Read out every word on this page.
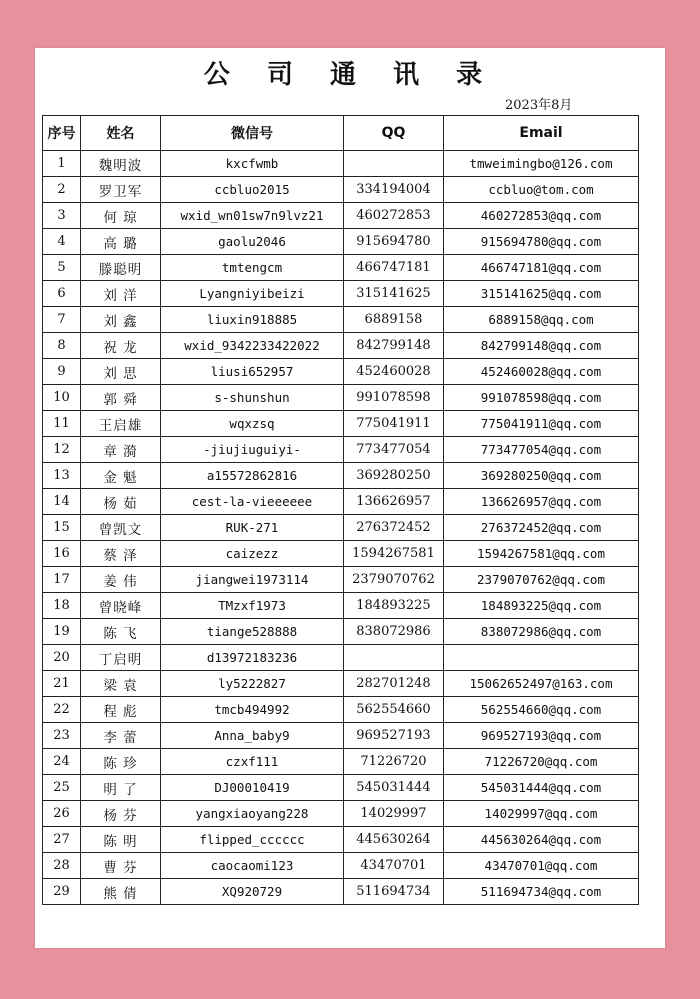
公 司 通 讯 录
2023年8月
序号	姓名	微信号	QQ	Email
1	魏明波	kxcfwmb		tmweimingbo@126.com
2	罗卫军	ccbluo2015	334194004	ccbluo@tom.com
3	何 琼	wxid_wn01sw7n9lvz21	460272853	460272853@qq.com
4	高 璐	gaolu2046	915694780	915694780@qq.com
5	滕聪明	tmtengcm	466747181	466747181@qq.com
6	刘 洋	Lyangniyibeizi	315141625	315141625@qq.com
7	刘 鑫	liuxin918885	6889158	6889158@qq.com
8	祝 龙	wxid_9342233422022	842799148	842799148@qq.com
9	刘 思	liusi652957	452460028	452460028@qq.com
10	郭 舜	s-shunshun	991078598	991078598@qq.com
11	王启雄	wqxzsq	775041911	775041911@qq.com
12	章 漪	-jiujiuguiyi-	773477054	773477054@qq.com
13	金 魁	a15572862816	369280250	369280250@qq.com
14	杨 茹	cest-la-vieeeeee	136626957	136626957@qq.com
15	曾凯文	RUK-271	276372452	276372452@qq.com
16	蔡 泽	caizezz	1594267581	1594267581@qq.com
17	姜 伟	jiangwei1973114	2379070762	2379070762@qq.com
18	曾晓峰	TMzxf1973	184893225	184893225@qq.com
19	陈 飞	tiange528888	838072986	838072986@qq.com
20	丁启明	d13972183236		
21	梁 袁	ly5222827	282701248	15062652497@163.com
22	程 彪	tmcb494992	562554660	562554660@qq.com
23	李 蕾	Anna_baby9	969527193	969527193@qq.com
24	陈 珍	czxf111	71226720	71226720@qq.com
25	明 了	DJ00010419	545031444	545031444@qq.com
26	杨 芬	yangxiaoyang228	14029997	14029997@qq.com
27	陈 明	flipped_cccccc	445630264	445630264@qq.com
28	曹 芬	caocaomi123	43470701	43470701@qq.com
29	熊 倩	XQ920729	511694734	511694734@qq.com
